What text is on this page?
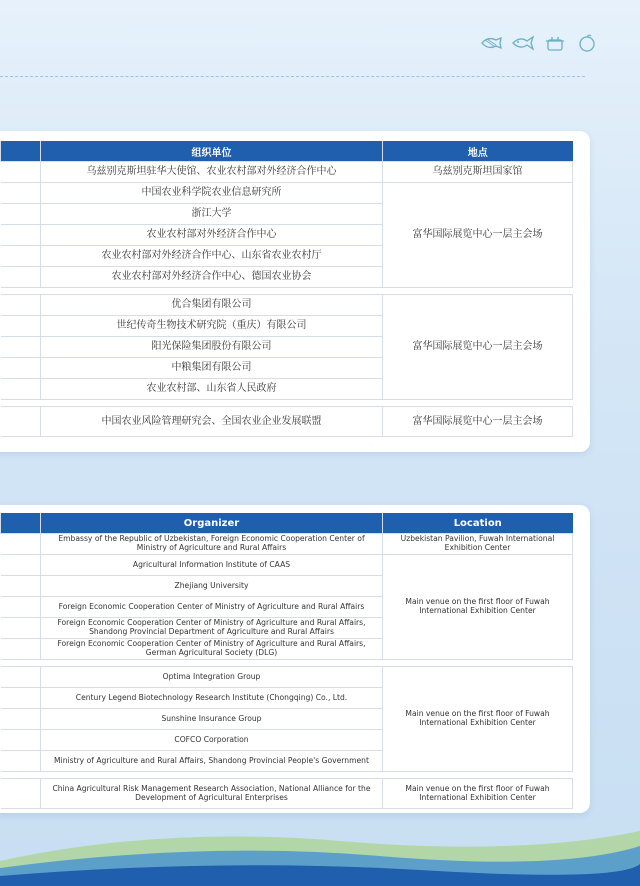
	组织单位	地点
	乌兹别克斯坦驻华大使馆、农业农村部对外经济合作中心	乌兹别克斯坦国家馆
	中国农业科学院农业信息研究所	富华国际展览中心一层主会场
	浙江大学	
	农业农村部对外经济合作中心	
	农业农村部对外经济合作中心、山东省农业农村厅	
	农业农村部对外经济合作中心、德国农业协会	

	优合集团有限公司	富华国际展览中心一层主会场
	世纪传奇生物技术研究院（重庆）有限公司	
	阳光保险集团股份有限公司	
	中粮集团有限公司	
	农业农村部、山东省人民政府	

	中国农业风险管理研究会、全国农业企业发展联盟	富华国际展览中心一层主会场
	Organizer	Location
	Embassy of the Republic of Uzbekistan, Foreign Economic Cooperation Center of Ministry of Agriculture and Rural Affairs	Uzbekistan Pavilion, Fuwah International Exhibition Center
	Agricultural Information Institute of CAAS	Main venue on the first floor of Fuwah International Exhibition Center
	Zhejiang University	
	Foreign Economic Cooperation Center of Ministry of Agriculture and Rural Affairs	
	Foreign Economic Cooperation Center of Ministry of Agriculture and Rural Affairs, Shandong Provincial Department of Agriculture and Rural Affairs	
	Foreign Economic Cooperation Center of Ministry of Agriculture and Rural Affairs, German Agricultural Society (DLG)	

	Optima Integration Group	Main venue on the first floor of Fuwah International Exhibition Center
	Century Legend Biotechnology Research Institute (Chongqing) Co., Ltd.	
	Sunshine Insurance Group	
	COFCO Corporation	
	Ministry of Agriculture and Rural Affairs, Shandong Provincial People's Government	

	China Agricultural Risk Management Research Association, National Alliance for the Development of Agricultural Enterprises	Main venue on the first floor of Fuwah International Exhibition Center
